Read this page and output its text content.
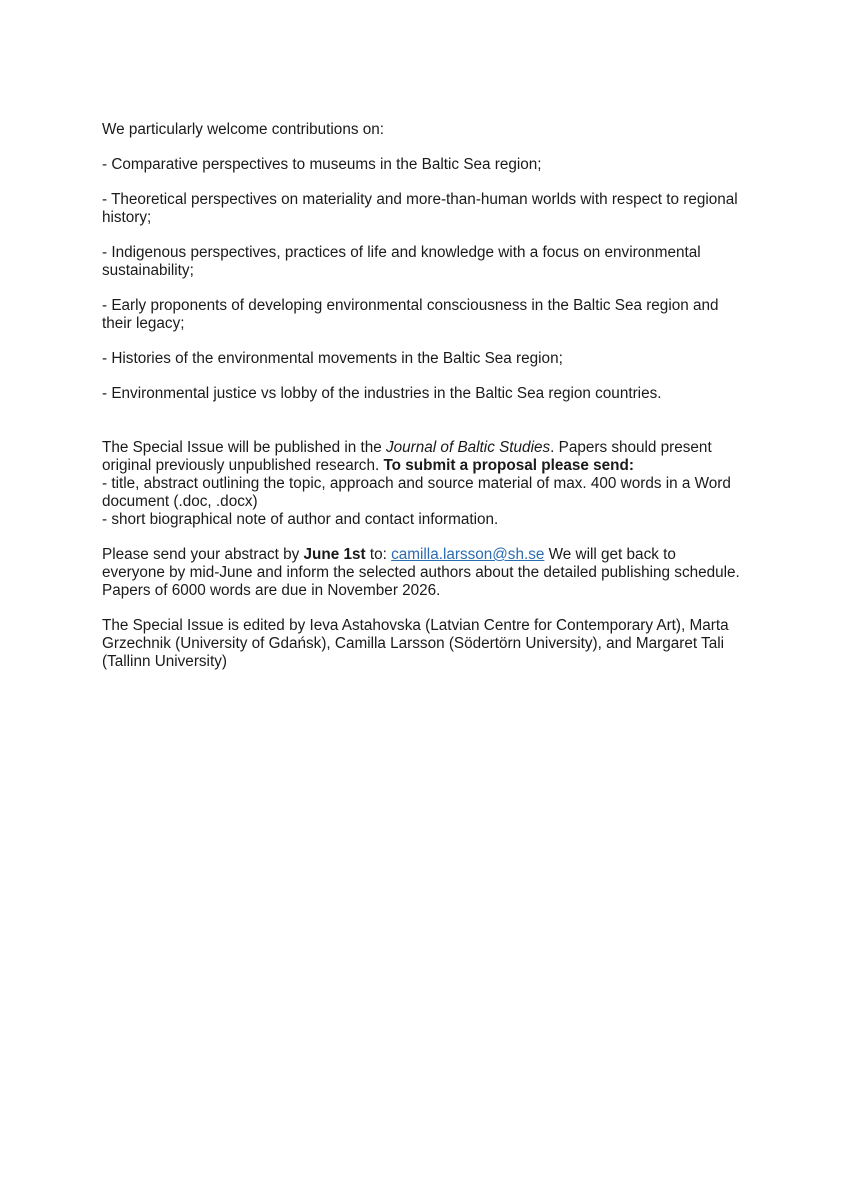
We particularly welcome contributions on:

- Comparative perspectives to museums in the Baltic Sea region;

- Theoretical perspectives on materiality and more-than-human worlds with respect to regional history;

- Indigenous perspectives, practices of life and knowledge with a focus on environmental sustainability;

- Early proponents of developing environmental consciousness in the Baltic Sea region and their legacy;

- Histories of the environmental movements in the Baltic Sea region;

- Environmental justice vs lobby of the industries in the Baltic Sea region countries.

The Special Issue will be published in the Journal of Baltic Studies. Papers should present original previously unpublished research. To submit a proposal please send:
- title, abstract outlining the topic, approach and source material of max. 400 words in a Word document (.doc, .docx)
- short biographical note of author and contact information.

Please send your abstract by June 1st to: camilla.larsson@sh.se We will get back to everyone by mid-June and inform the selected authors about the detailed publishing schedule. Papers of 6000 words are due in November 2026.

The Special Issue is edited by Ieva Astahovska (Latvian Centre for Contemporary Art), Marta Grzechnik (University of Gdańsk), Camilla Larsson (Södertörn University), and Margaret Tali (Tallinn University)
